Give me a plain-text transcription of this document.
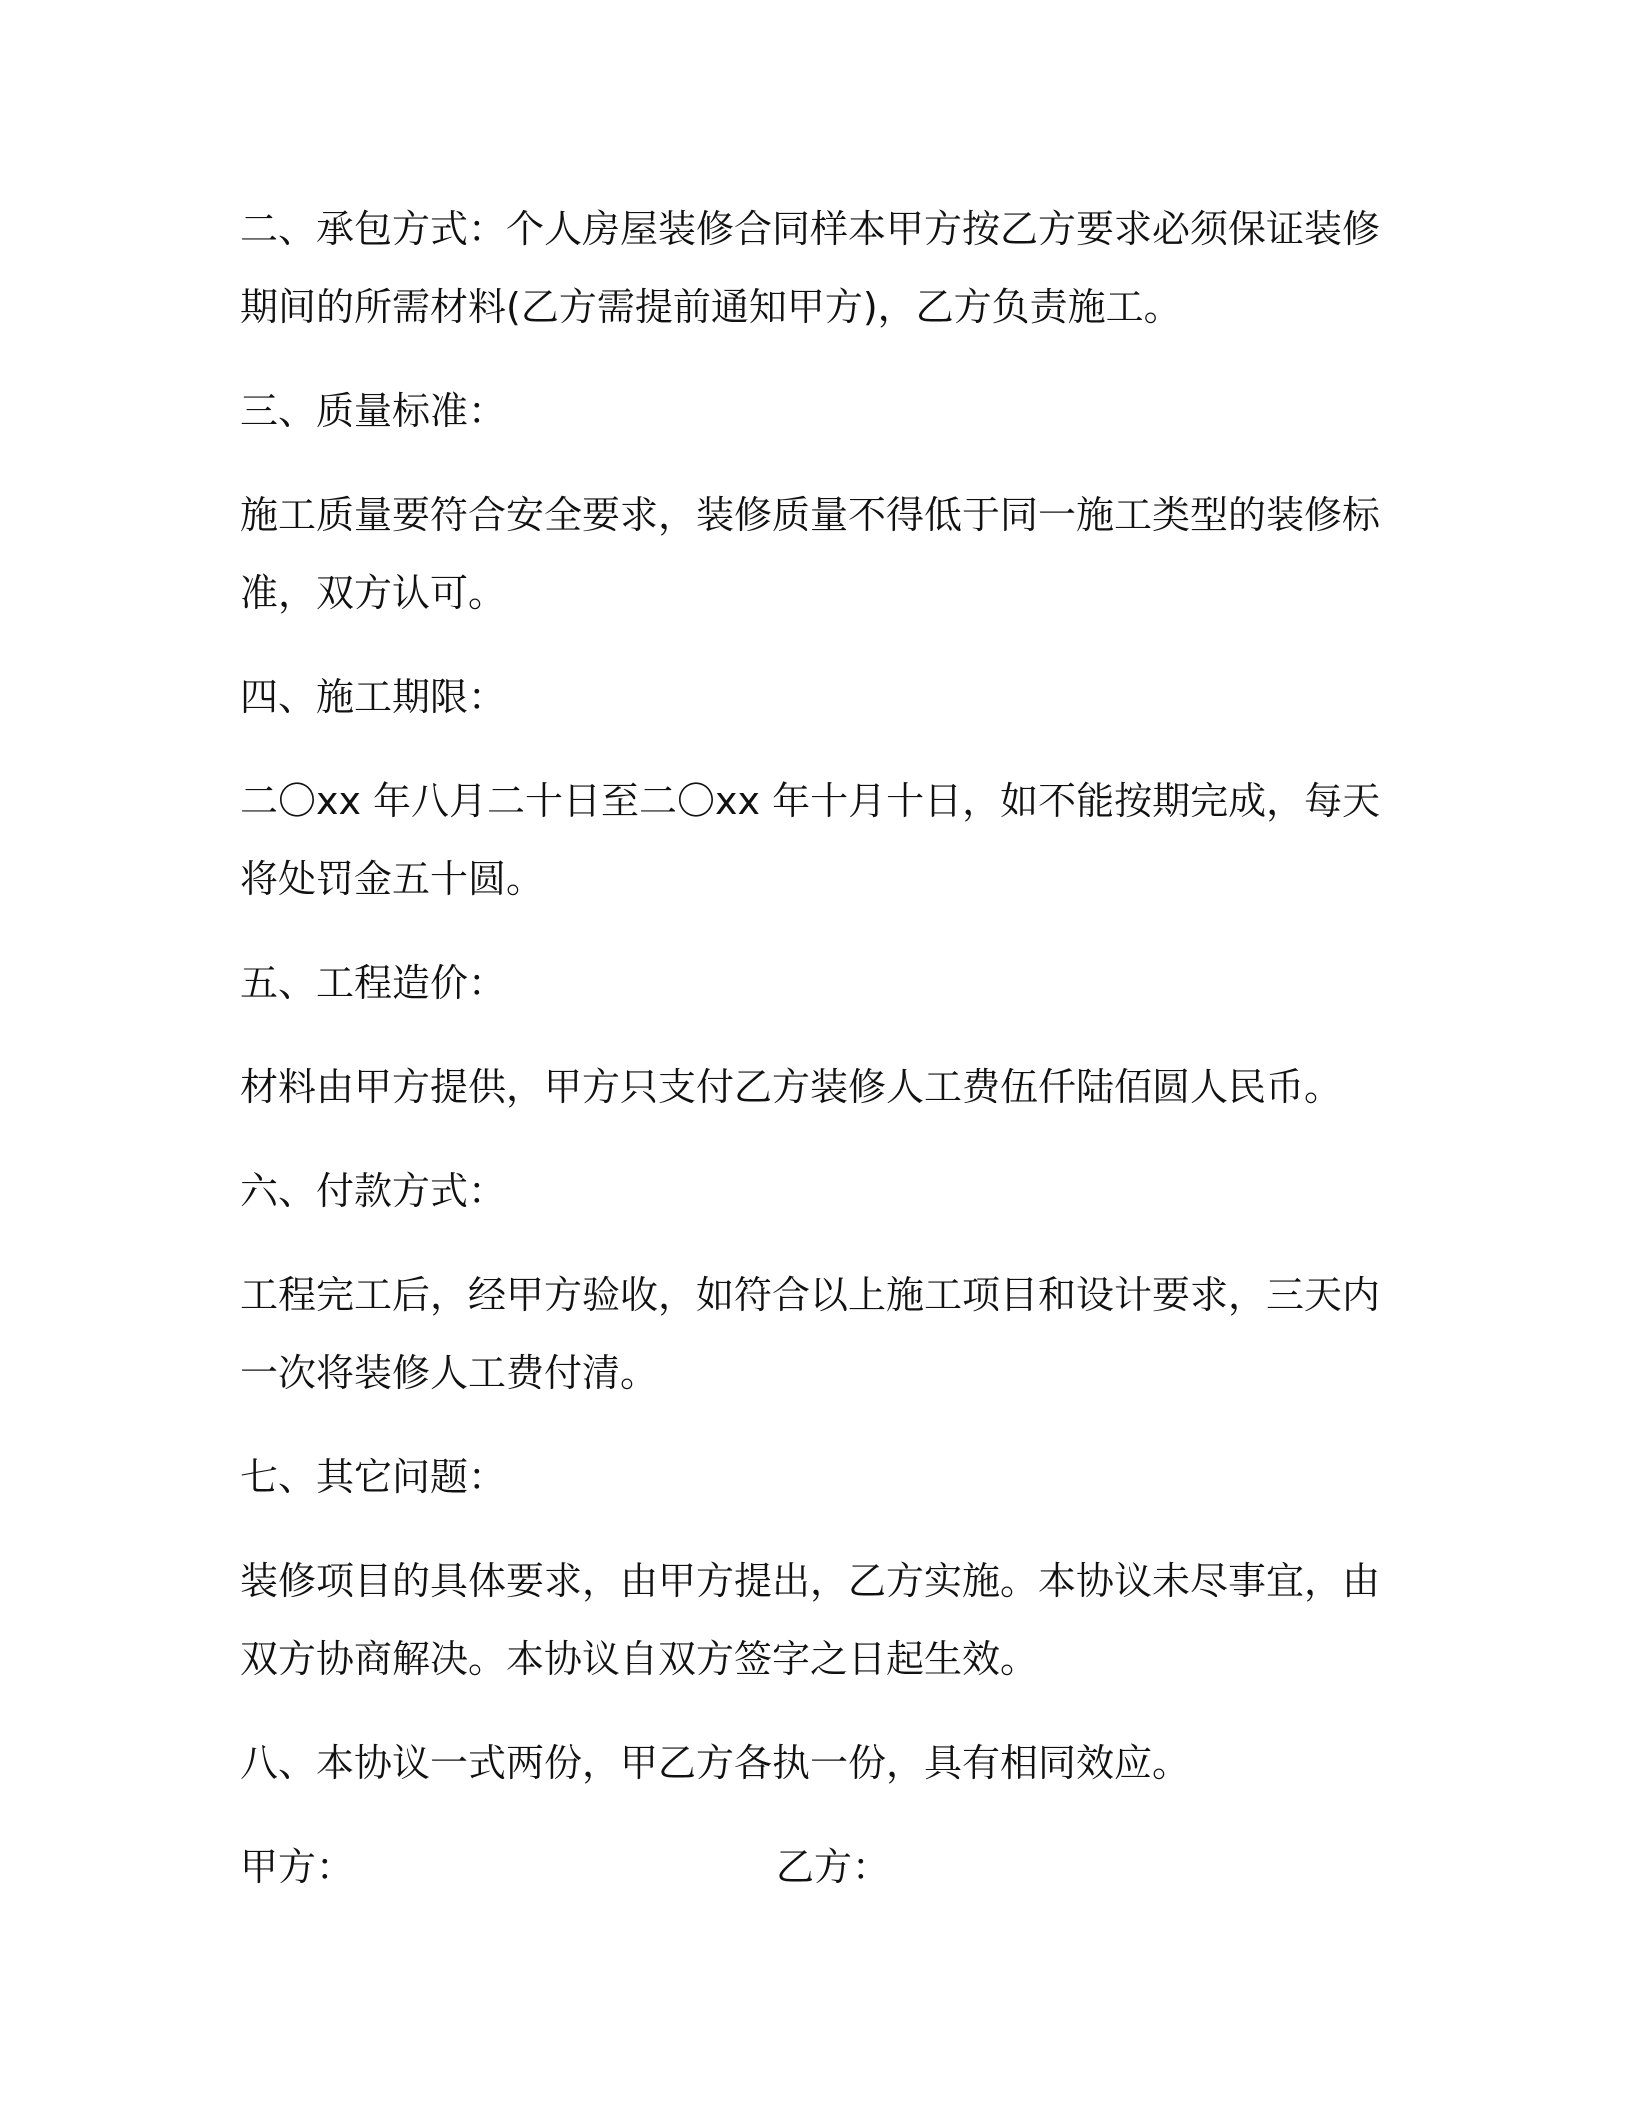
二、承包方式：个人房屋装修合同样本甲方按乙方要求必须保证装修期间的所需材料(乙方需提前通知甲方)，乙方负责施工。

三、质量标准：

施工质量要符合安全要求，装修质量不得低于同一施工类型的装修标准，双方认可。

四、施工期限：

二〇xx 年八月二十日至二〇xx 年十月十日，如不能按期完成，每天将处罚金五十圆。

五、工程造价：

材料由甲方提供，甲方只支付乙方装修人工费伍仟陆佰圆人民币。

六、付款方式：

工程完工后，经甲方验收，如符合以上施工项目和设计要求，三天内一次将装修人工费付清。

七、其它问题：

装修项目的具体要求，由甲方提出，乙方实施。本协议未尽事宜，由双方协商解决。本协议自双方签字之日起生效。

八、本协议一式两份，甲乙方各执一份，具有相同效应。

甲方：	乙方：
